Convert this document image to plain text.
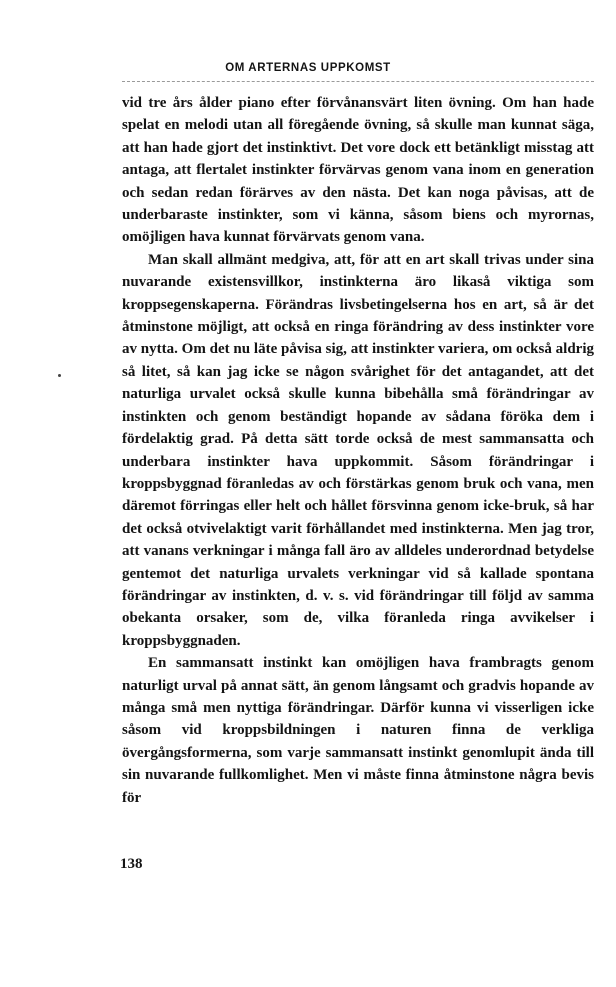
OM ARTERNAS UPPKOMST

vid tre års ålder piano efter förvånansvärt liten övning. Om han hade spelat en melodi utan all föregående övning, så skulle man kunnat säga, att han hade gjort det instinktivt. Det vore dock ett betänkligt misstag att antaga, att flertalet instinkter förvärvas genom vana inom en generation och sedan redan förärves av den nästa. Det kan noga påvisas, att de underbaraste instinkter, som vi känna, såsom biens och myrornas, omöjligen hava kunnat förvärvats genom vana.

Man skall allmänt medgiva, att, för att en art skall trivas under sina nuvarande existensvillkor, instinkterna äro likaså viktiga som kroppsegenskaperna. Förändras livsbetingelserna hos en art, så är det åtminstone möjligt, att också en ringa förändring av dess instinkter vore av nytta. Om det nu läte påvisa sig, att instinkter variera, om också aldrig så litet, så kan jag icke se någon svårighet för det antagandet, att det naturliga urvalet också skulle kunna bibehålla små förändringar av instinkten och genom beständigt hopande av sådana föröka dem i fördelaktig grad. På detta sätt torde också de mest sammansatta och underbara instinkter hava uppkommit. Såsom förändringar i kroppsbyggnad föranledas av och förstärkas genom bruk och vana, men däremot förringas eller helt och hållet försvinna genom icke-bruk, så har det också otvivelaktigt varit förhållandet med instinkterna. Men jag tror, att vanans verkningar i många fall äro av alldeles underordnad betydelse gentemot det naturliga urvalets verkningar vid så kallade spontana förändringar av instinkten, d. v. s. vid förändringar till följd av samma obekanta orsaker, som de, vilka föranleda ringa avvikelser i kroppsbyggnaden.

En sammansatt instinkt kan omöjligen hava frambragts genom naturligt urval på annat sätt, än genom långsamt och gradvis hopande av många små men nyttiga förändringar. Därför kunna vi visserligen icke såsom vid kroppsbildningen i naturen finna de verkliga övergångsformerna, som varje sammansatt instinkt genomlupit ända till sin nuvarande fullkomlighet. Men vi måste finna åtminstone några bevis för

138
